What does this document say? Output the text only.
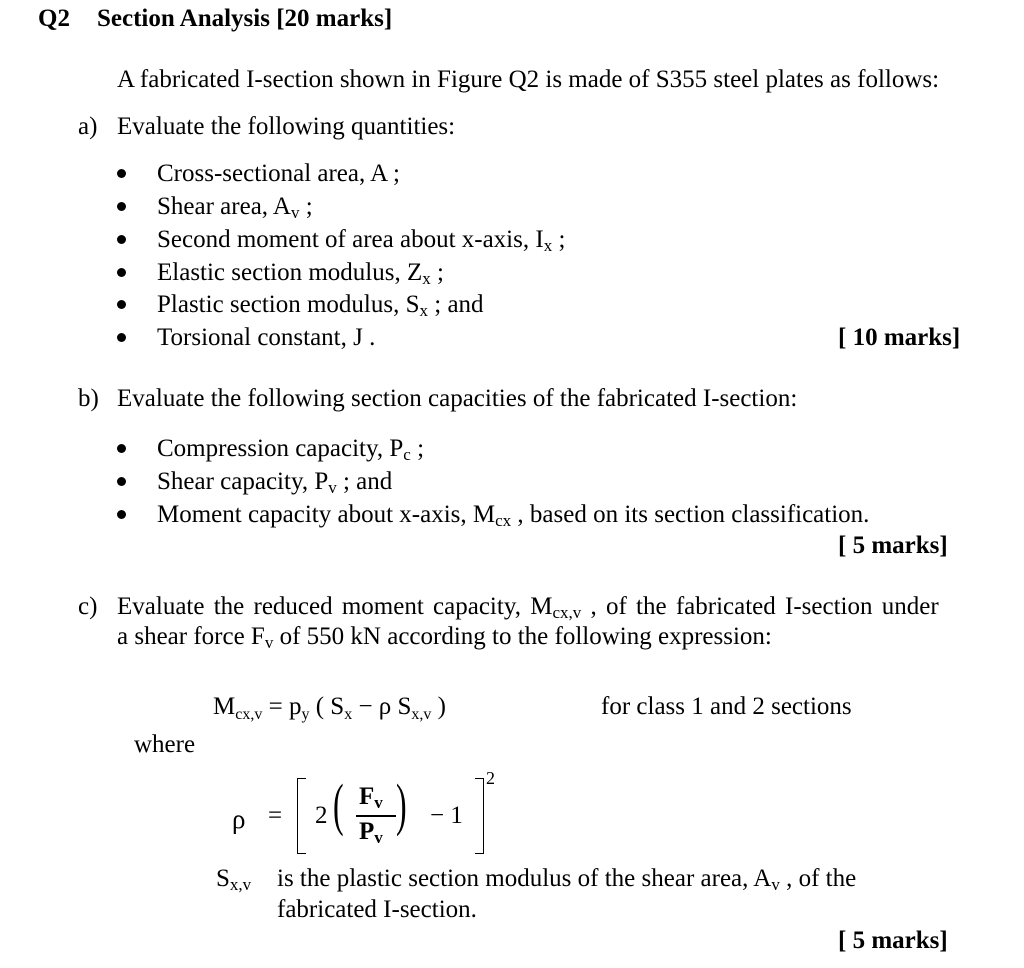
Q2 Section Analysis [20 marks]
A fabricated I-section shown in Figure Q2 is made of S355 steel plates as follows:
a) Evaluate the following quantities:
Cross-sectional area, A ;
Shear area, $A_v$ ;
Second moment of area about x-axis, $I_x$ ;
Elastic section modulus, $Z_x$ ;
Plastic section modulus, $S_x$ ; and
Torsional constant, J .	[ 10 marks]
b) Evaluate the following section capacities of the fabricated I-section:
Compression capacity, $P_c$ ;
Shear capacity, $P_v$ ; and
Moment capacity about x-axis, $M_{cx}$ , based on its section classification.
[ 5 marks]
c) Evaluate the reduced moment capacity, $M_{cx,v}$ , of the fabricated I-section under
a shear force $F_v$ of 550 kN according to the following expression:
$M_{cx,v} = p_y$ ( $S_x - \rho$ $S_{x,v}$ )	for class 1 and 2 sections
where
ρ = 2 ( $F_v$
$P_v$
) − 1
2
$S_{x,v}$ is the plastic section modulus of the shear area, $A_v$ , of the
fabricated I-section.
[ 5 marks]
